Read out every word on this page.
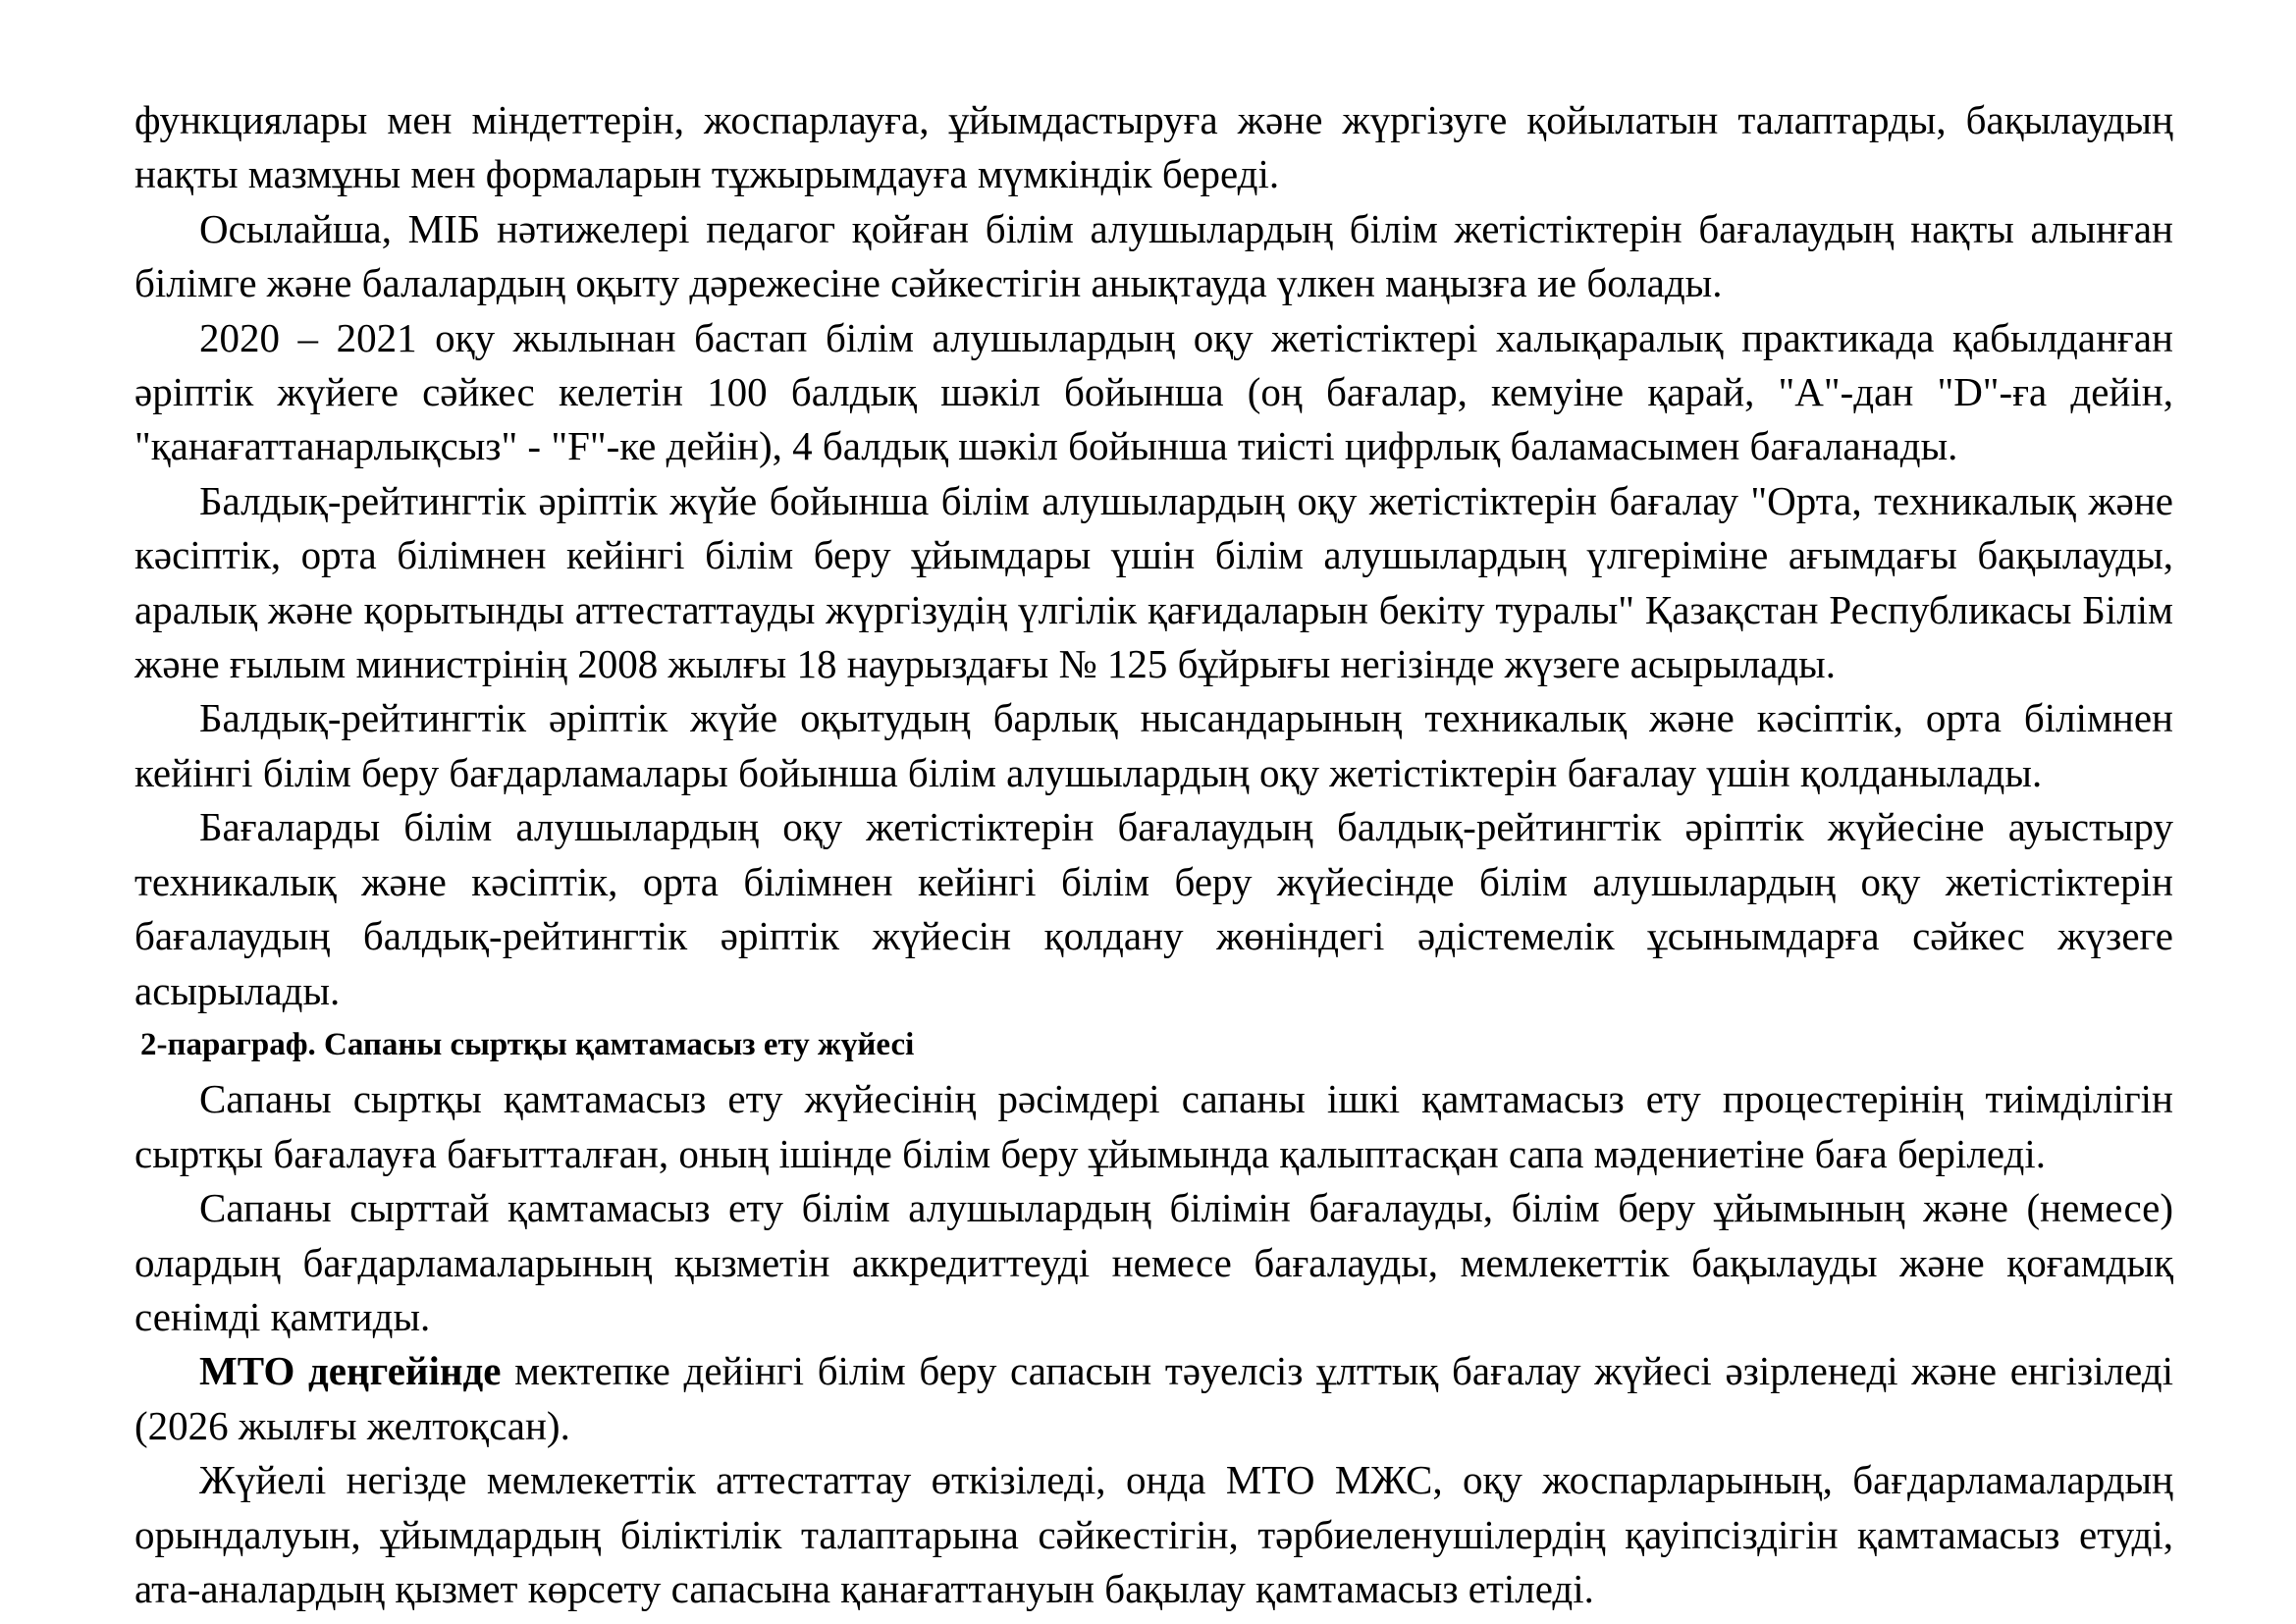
функциялары мен міндеттерін, жоспарлауға, ұйымдастыруға және жүргізуге қойылатын талаптарды, бақылаудың нақты мазмұны мен формаларын тұжырымдауға мүмкіндік береді.

Осылайша, МІБ нәтижелері педагог қойған білім алушылардың білім жетістіктерін бағалаудың нақты алынған білімге және балалардың оқыту дәрежесіне сәйкестігін анықтауда үлкен маңызға ие болады.

2020 – 2021 оқу жылынан бастап білім алушылардың оқу жетістіктері халықаралық практикада қабылданған әріптік жүйеге сәйкес келетін 100 балдық шәкіл бойынша (оң бағалар, кемуіне қарай, "A"-дан "D"-ға дейін, "қанағаттанарлықсыз" - "F"-ке дейін), 4 балдық шәкіл бойынша тиісті цифрлық баламасымен бағаланады.

Балдық-рейтингтік әріптік жүйе бойынша білім алушылардың оқу жетістіктерін бағалау "Орта, техникалық және кәсіптік, орта білімнен кейінгі білім беру ұйымдары үшін білім алушылардың үлгеріміне ағымдағы бақылауды, аралық және қорытынды аттестаттауды жүргізудің үлгілік қағидаларын бекіту туралы" Қазақстан Республикасы Білім және ғылым министрінің 2008 жылғы 18 наурыздағы № 125 бұйрығы негізінде жүзеге асырылады.

Балдық-рейтингтік әріптік жүйе оқытудың барлық нысандарының техникалық және кәсіптік, орта білімнен кейінгі білім беру бағдарламалары бойынша білім алушылардың оқу жетістіктерін бағалау үшін қолданылады.

Бағаларды білім алушылардың оқу жетістіктерін бағалаудың балдық-рейтингтік әріптік жүйесіне ауыстыру техникалық және кәсіптік, орта білімнен кейінгі білім беру жүйесінде білім алушылардың оқу жетістіктерін бағалаудың балдық-рейтингтік әріптік жүйесін қолдану жөніндегі әдістемелік ұсынымдарға сәйкес жүзеге асырылады.

2-параграф. Сапаны сыртқы қамтамасыз ету жүйесі

Сапаны сыртқы қамтамасыз ету жүйесінің рәсімдері сапаны ішкі қамтамасыз ету процестерінің тиімділігін сыртқы бағалауға бағытталған, оның ішінде білім беру ұйымында қалыптасқан сапа мәдениетіне баға беріледі.

Сапаны сырттай қамтамасыз ету білім алушылардың білімін бағалауды, білім беру ұйымының және (немесе) олардың бағдарламаларының қызметін аккредиттеуді немесе бағалауды, мемлекеттік бақылауды және қоғамдық сенімді қамтиды.

МТО деңгейінде мектепке дейінгі білім беру сапасын тәуелсіз ұлттық бағалау жүйесі әзірленеді және енгізіледі (2026 жылғы желтоқсан).

Жүйелі негізде мемлекеттік аттестаттау өткізіледі, онда МТО МЖС, оқу жоспарларының, бағдарламалардың орындалуын, ұйымдардың біліктілік талаптарына сәйкестігін, тәрбиеленушілердің қауіпсіздігін қамтамасыз етуді, ата-аналардың қызмет көрсету сапасына қанағаттануын бақылау қамтамасыз етіледі.
